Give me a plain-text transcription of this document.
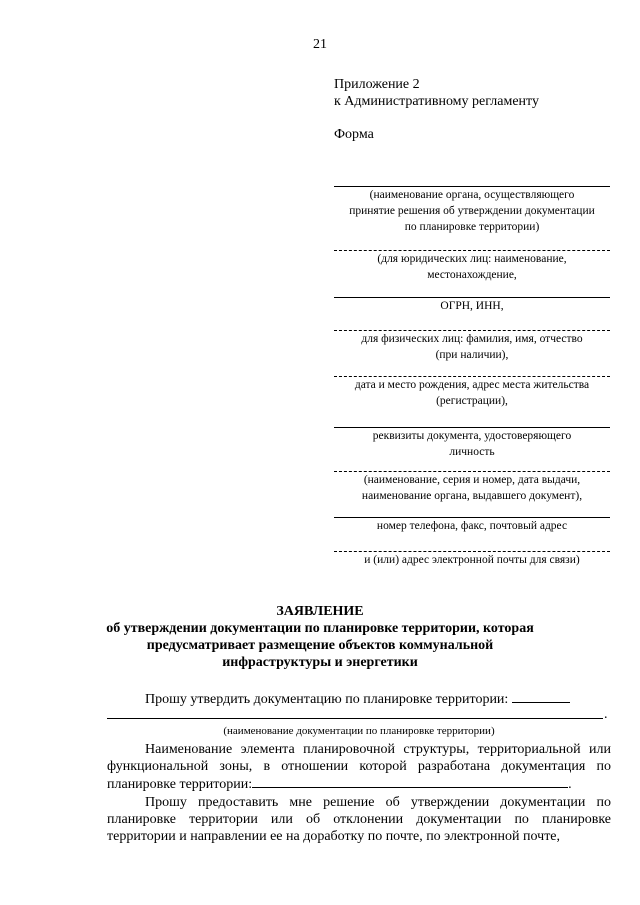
21
Приложение 2
к Административному регламенту
Форма
(наименование органа, осуществляющего
принятие решения об утверждении документации
по планировке территории)
(для юридических лиц: наименование,
местонахождение,
ОГРН, ИНН,
для физических лиц: фамилия, имя, отчество
(при наличии),
дата и место рождения, адрес места жительства
(регистрации),
реквизиты документа, удостоверяющего
личность
(наименование, серия и номер, дата выдачи,
наименование органа, выдавшего документ),
номер телефона, факс, почтовый адрес
и (или) адрес электронной почты для связи)
ЗАЯВЛЕНИЕ
об утверждении документации по планировке территории, которая
предусматривает размещение объектов коммунальной
инфраструктуры и энергетики
Прошу утвердить документацию по планировке территории:
.
(наименование документации по планировке территории)
Наименование элемента планировочной структуры, территориальной или функциональной зоны, в отношении которой разработана документация по планировке территории:	.
Прошу предоставить мне решение об утверждении документации по планировке территории или об отклонении документации по планировке территории и направлении ее на доработку по почте, по электронной почте,
